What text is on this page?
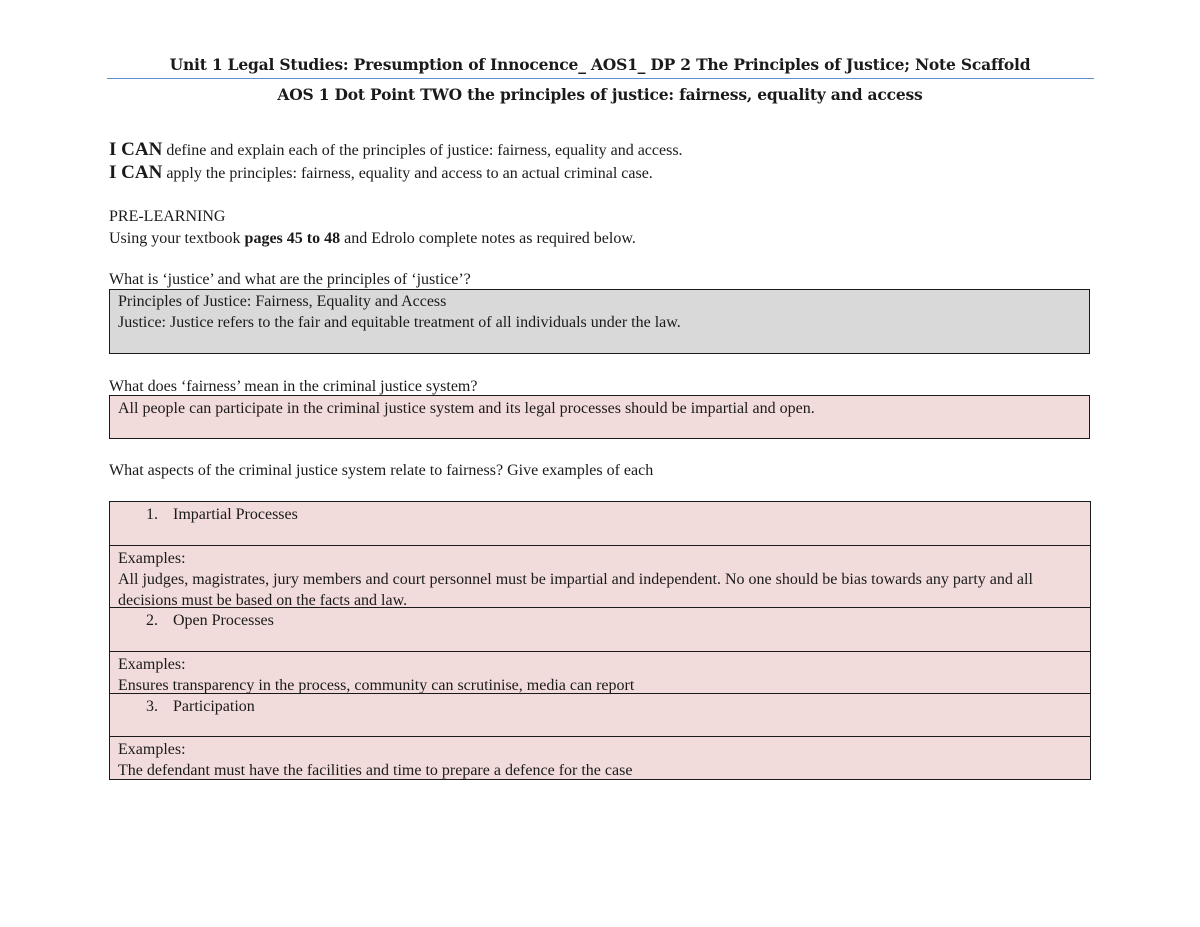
Unit 1 Legal Studies: Presumption of Innocence_ AOS1_ DP 2 The Principles of Justice; Note Scaffold
AOS 1 Dot Point TWO the principles of justice: fairness, equality and access
I CAN define and explain each of the principles of justice: fairness, equality and access.
I CAN apply the principles: fairness, equality and access to an actual criminal case.
PRE-LEARNING
Using your textbook pages 45 to 48 and Edrolo complete notes as required below.
What is ‘justice’ and what are the principles of ‘justice’?
Principles of Justice: Fairness, Equality and Access
Justice: Justice refers to the fair and equitable treatment of all individuals under the law.
What does ‘fairness’ mean in the criminal justice system?
All people can participate in the criminal justice system and its legal processes should be impartial and open.
What aspects of the criminal justice system relate to fairness? Give examples of each
1. Impartial Processes
Examples:
All judges, magistrates, jury members and court personnel must be impartial and independent. No one should be bias towards any party and all decisions must be based on the facts and law.
2. Open Processes
Examples:
Ensures transparency in the process, community can scrutinise, media can report
3. Participation
Examples:
The defendant must have the facilities and time to prepare a defence for the case
